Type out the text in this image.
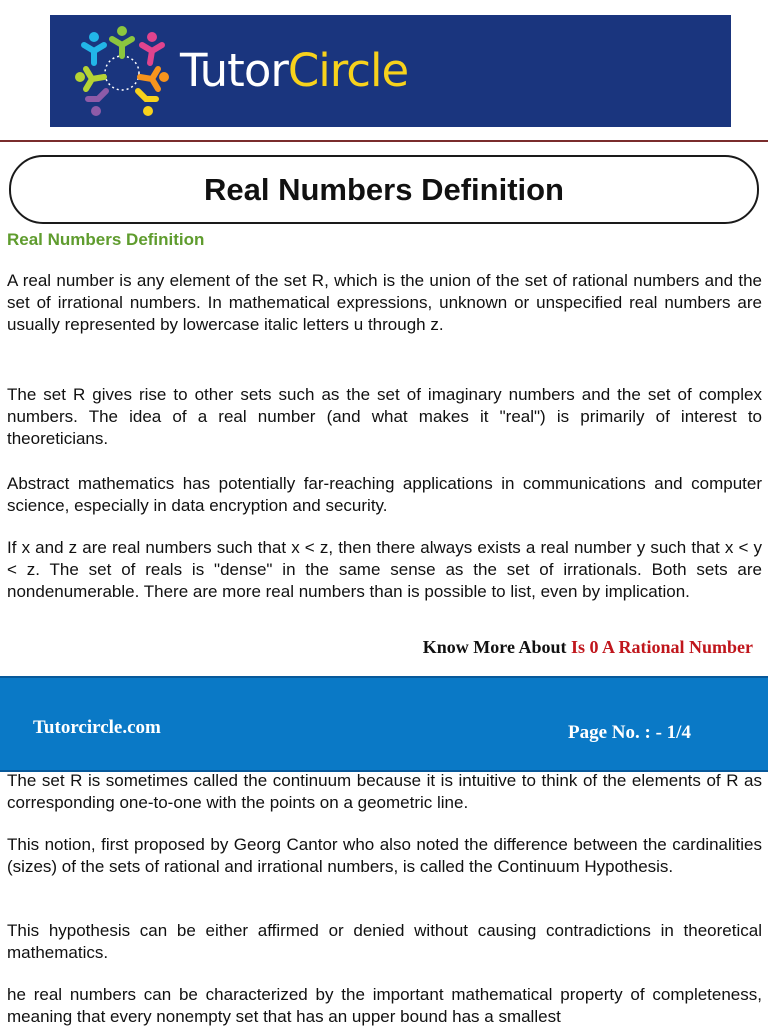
TutorCircle
Real Numbers Definition
Real Numbers Definition

A real number is any element of the set R, which is the union of the set of rational numbers and the set of irrational numbers. In mathematical expressions, unknown or unspecified real numbers are usually represented by lowercase italic letters u through z.

The set R gives rise to other sets such as the set of imaginary numbers and the set of complex numbers. The idea of a real number (and what makes it "real") is primarily of interest to theoreticians.

Abstract mathematics has potentially far-reaching applications in communications and computer science, especially in data encryption and security.

If x and z are real numbers such that x < z, then there always exists a real number y such that x < y < z. The set of reals is "dense" in the same sense as the set of irrationals. Both sets are nondenumerable. There are more real numbers than is possible to list, even by implication.

Know More About Is 0 A Rational Number
Tutorcircle.com	Page No. : - 1/4

The set R is sometimes called the continuum because it is intuitive to think of the elements of R as corresponding one-to-one with the points on a geometric line.

This notion, first proposed by Georg Cantor who also noted the difference between the cardinalities (sizes) of the sets of rational and irrational numbers, is called the Continuum Hypothesis.

This hypothesis can be either affirmed or denied without causing contradictions in theoretical mathematics.

he real numbers can be characterized by the important mathematical property of completeness, meaning that every nonempty set that has an upper bound has a smallest
